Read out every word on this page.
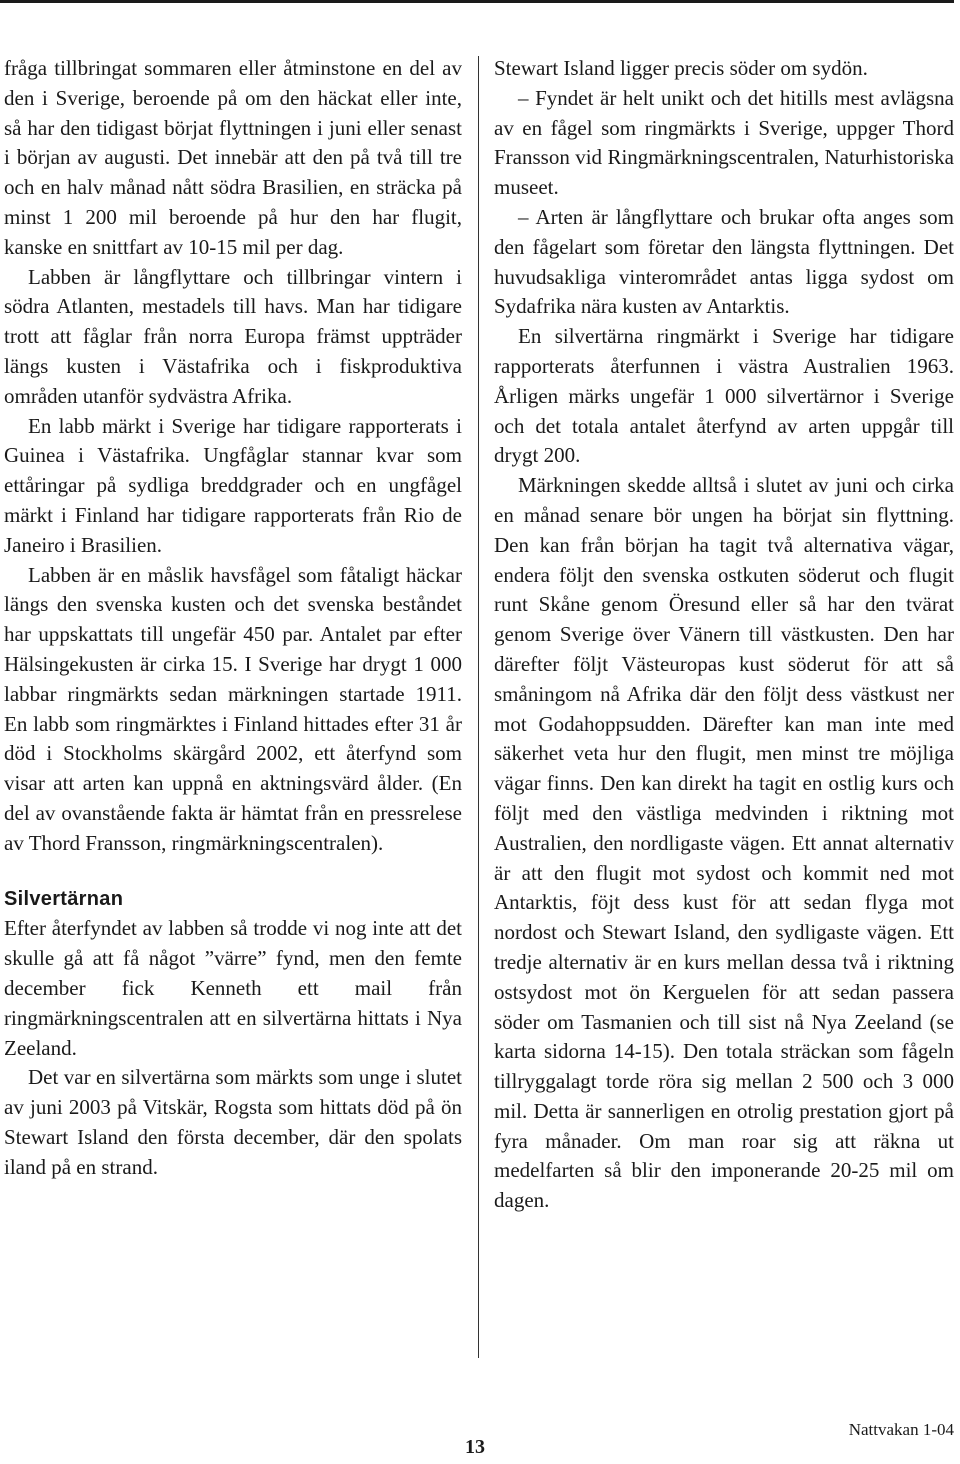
fråga tillbringat sommaren eller åtminstone en del av den i Sverige, beroende på om den häckat eller inte, så har den tidigast börjat flyttningen i juni eller senast i början av augusti. Det innebär att den på två till tre och en halv månad nått södra Brasilien, en sträcka på minst 1 200 mil beroende på hur den har flugit, kanske en snittfart av 10-15 mil per dag.

Labben är långflyttare och tillbringar vintern i södra Atlanten, mestadels till havs. Man har tidigare trott att fåglar från norra Europa främst uppträder längs kusten i Västafrika och i fiskproduktiva områden utanför sydvästra Afrika.

En labb märkt i Sverige har tidigare rapporterats i Guinea i Västafrika. Ungfåglar stannar kvar som ettåringar på sydliga breddgrader och en ungfågel märkt i Finland har tidigare rapporterats från Rio de Janeiro i Brasilien.

Labben är en måslik havsfågel som fåtaligt häckar längs den svenska kusten och det svenska beståndet har uppskattats till ungefär 450 par. Antalet par efter Hälsingekusten är cirka 15. I Sverige har drygt 1 000 labbar ringmärkts sedan märkningen startade 1911. En labb som ringmärktes i Finland hittades efter 31 år död i Stockholms skärgård 2002, ett återfynd som visar att arten kan uppnå en aktningsvärd ålder. (En del av ovanstående fakta är hämtat från en pressrelese av Thord Fransson, ringmärkningscentralen).

Silvertärnan

Efter återfyndet av labben så trodde vi nog inte att det skulle gå att få något ”värre” fynd, men den femte december fick Kenneth ett mail från ringmärkningscentralen att en silvertärna hittats i Nya Zeeland.

Det var en silvertärna som märkts som unge i slutet av juni 2003 på Vitskär, Rogsta som hittats död på ön Stewart Island den första december, där den spolats iland på en strand.

Stewart Island ligger precis söder om sydön.

– Fyndet är helt unikt och det hitills mest avlägsna av en fågel som ringmärkts i Sverige, uppger Thord Fransson vid Ringmärkningscentralen, Naturhistoriska museet.

– Arten är långflyttare och brukar ofta anges som den fågelart som företar den längsta flyttningen. Det huvudsakliga vinterområdet antas ligga sydost om Sydafrika nära kusten av Antarktis.

En silvertärna ringmärkt i Sverige har tidigare rapporterats återfunnen i västra Australien 1963. Årligen märks ungefär 1 000 silvertärnor i Sverige och det totala antalet återfynd av arten uppgår till drygt 200.

Märkningen skedde alltså i slutet av juni och cirka en månad senare bör ungen ha börjat sin flyttning. Den kan från början ha tagit två alternativa vägar, endera följt den svenska ostkuten söderut och flugit runt Skåne genom Öresund eller så har den tvärat genom Sverige över Vänern till västkusten. Den har därefter följt Västeuropas kust söderut för att så småningom nå Afrika där den följt dess västkust ner mot Godahoppsudden. Därefter kan man inte med säkerhet veta hur den flugit, men minst tre möjliga vägar finns. Den kan direkt ha tagit en ostlig kurs och följt med den västliga medvinden i riktning mot Australien, den nordligaste vägen. Ett annat alternativ är att den flugit mot sydost och kommit ned mot Antarktis, föjt dess kust för att sedan flyga mot nordost och Stewart Island, den sydligaste vägen. Ett tredje alternativ är en kurs mellan dessa två i riktning ostsydost mot ön Kerguelen för att sedan passera söder om Tasmanien och till sist nå Nya Zeeland (se karta sidorna 14-15). Den totala sträckan som fågeln tillryggalagt torde röra sig mellan 2 500 och 3 000 mil. Detta är sannerligen en otrolig prestation gjort på fyra månader. Om man roar sig att räkna ut medelfarten så blir den imponerande 20-25 mil om dagen.

13
Nattvakan 1-04
